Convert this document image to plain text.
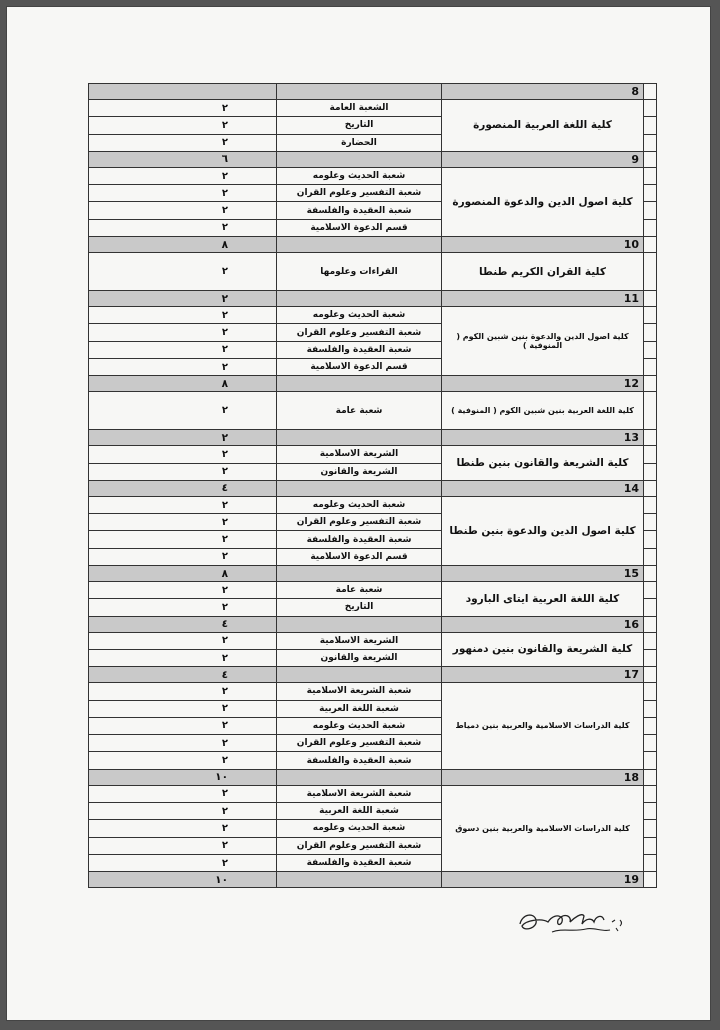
8
٢	الشعبة العامة
٢	التاريخ
٢	الحضارة
كلية اللغة العربية المنصورة
٦	9
٢	شعبة الحديث وعلومه
٢	شعبة التفسير وعلوم القران
٢	شعبة العقيدة والفلسفة
٢	قسم الدعوة الاسلامية
كلية اصول الدين والدعوة المنصورة
٨	10
٢	القراءات وعلومها	كلية القران الكريم طنطا
٢	11
٢	شعبة الحديث وعلومه
٢	شعبة التفسير وعلوم القران
٢	شعبة العقيدة والفلسفة
٢	قسم الدعوة الاسلامية
كلية اصول الدين والدعوة بنين شبين الكوم ( المنوفية )
٨	12
٢	شعبة عامة	كلية اللغة العربية بنين شبين الكوم ( المنوفية )
٢	13
٢	الشريعة الاسلامية
٢	الشريعة والقانون
كلية الشريعة والقانون بنين طنطا
٤	14
٢	شعبة الحديث وعلومه
٢	شعبة التفسير وعلوم القران
٢	شعبة العقيدة والفلسفة
٢	قسم الدعوة الاسلامية
كلية اصول الدين والدعوة بنين طنطا
٨	15
٢	شعبة عامة
٢	التاريخ
كلية اللغة العربية ايتاى البارود
٤	16
٢	الشريعة الاسلامية
٢	الشريعة والقانون
كلية الشريعة والقانون بنين دمنهور
٤	17
٢	شعبة الشريعة الاسلامية
٢	شعبة اللغة العربية
٢	شعبة الحديث وعلومه
٢	شعبة التفسير وعلوم القران
٢	شعبة العقيدة والفلسفة
كلية الدراسات الاسلامية والعربية بنين دمياط
١٠	18
٢	شعبة الشريعة الاسلامية
٢	شعبة اللغة العربية
٢	شعبة الحديث وعلومه
٢	شعبة التفسير وعلوم القران
٢	شعبة العقيدة والفلسفة
كلية الدراسات الاسلامية والعربية بنين دسوق
١٠	19
